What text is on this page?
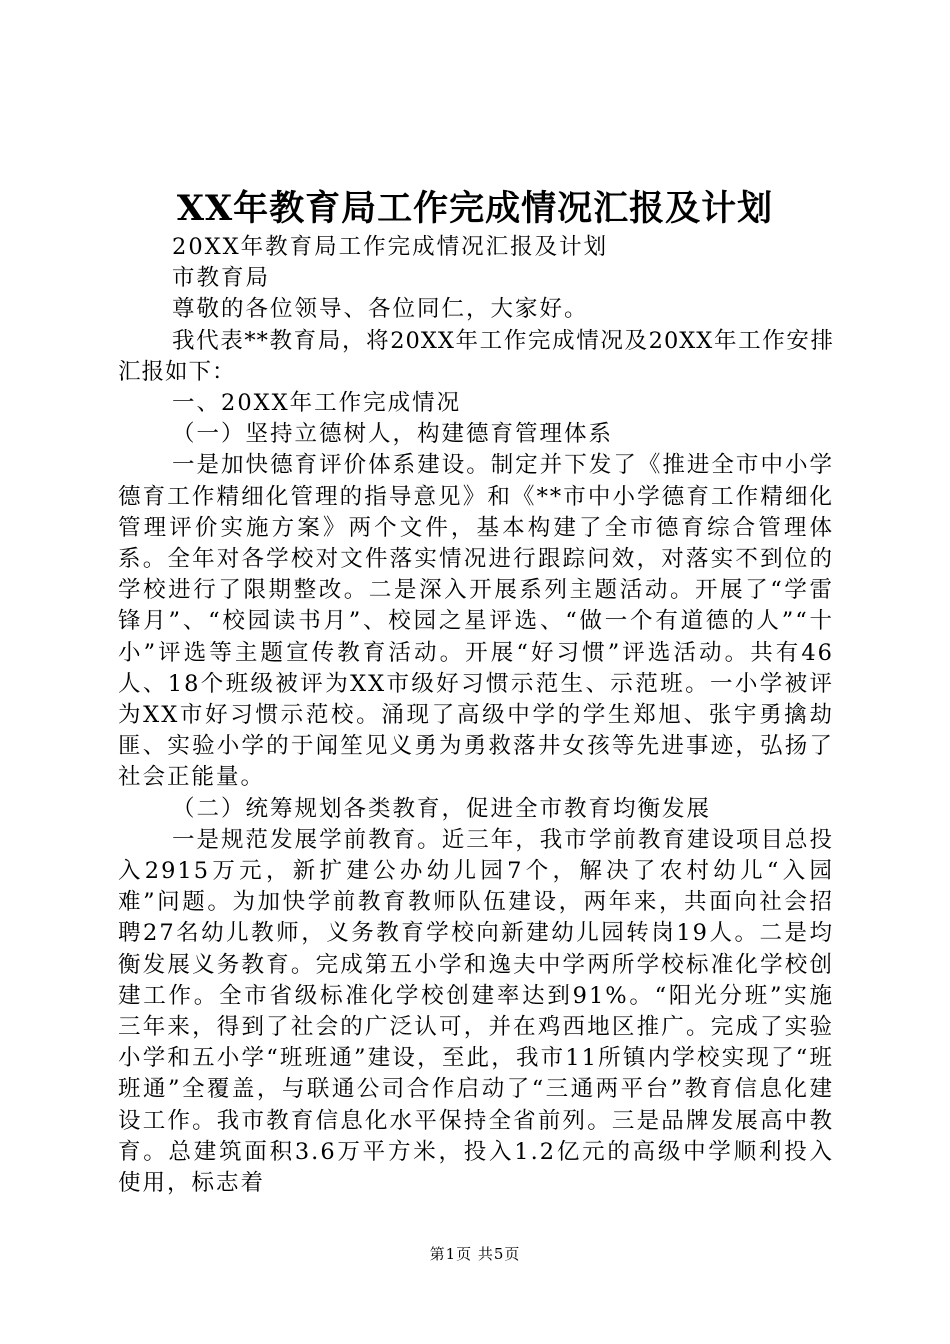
XX年教育局工作完成情况汇报及计划

20XX年教育局工作完成情况汇报及计划

市教育局

尊敬的各位领导、各位同仁，大家好。

我代表**教育局，将20XX年工作完成情况及20XX年工作安排汇报如下：

一、20XX年工作完成情况

（一）坚持立德树人，构建德育管理体系

一是加快德育评价体系建设。制定并下发了《推进全市中小学德育工作精细化管理的指导意见》和《**市中小学德育工作精细化管理评价实施方案》两个文件，基本构建了全市德育综合管理体系。全年对各学校对文件落实情况进行跟踪问效，对落实不到位的学校进行了限期整改。二是深入开展系列主题活动。开展了“学雷锋月”、“校园读书月”、校园之星评选、“做一个有道德的人”“十小”评选等主题宣传教育活动。开展“好习惯”评选活动。共有46人、18个班级被评为XX市级好习惯示范生、示范班。一小学被评为XX市好习惯示范校。涌现了高级中学的学生郑旭、张宇勇擒劫匪、实验小学的于闻笙见义勇为勇救落井女孩等先进事迹，弘扬了社会正能量。

（二）统筹规划各类教育，促进全市教育均衡发展

一是规范发展学前教育。近三年，我市学前教育建设项目总投入2915万元，新扩建公办幼儿园7个，解决了农村幼儿“入园难”问题。为加快学前教育教师队伍建设，两年来，共面向社会招聘27名幼儿教师，义务教育学校向新建幼儿园转岗19人。二是均衡发展义务教育。完成第五小学和逸夫中学两所学校标准化学校创建工作。全市省级标准化学校创建率达到91%。“阳光分班”实施三年来，得到了社会的广泛认可，并在鸡西地区推广。完成了实验小学和五小学“班班通”建设，至此，我市11所镇内学校实现了“班班通”全覆盖，与联通公司合作启动了“三通两平台”教育信息化建设工作。我市教育信息化水平保持全省前列。三是品牌发展高中教育。总建筑面积3.6万平方米，投入1.2亿元的高级中学顺利投入使用，标志着

第1页 共5页
